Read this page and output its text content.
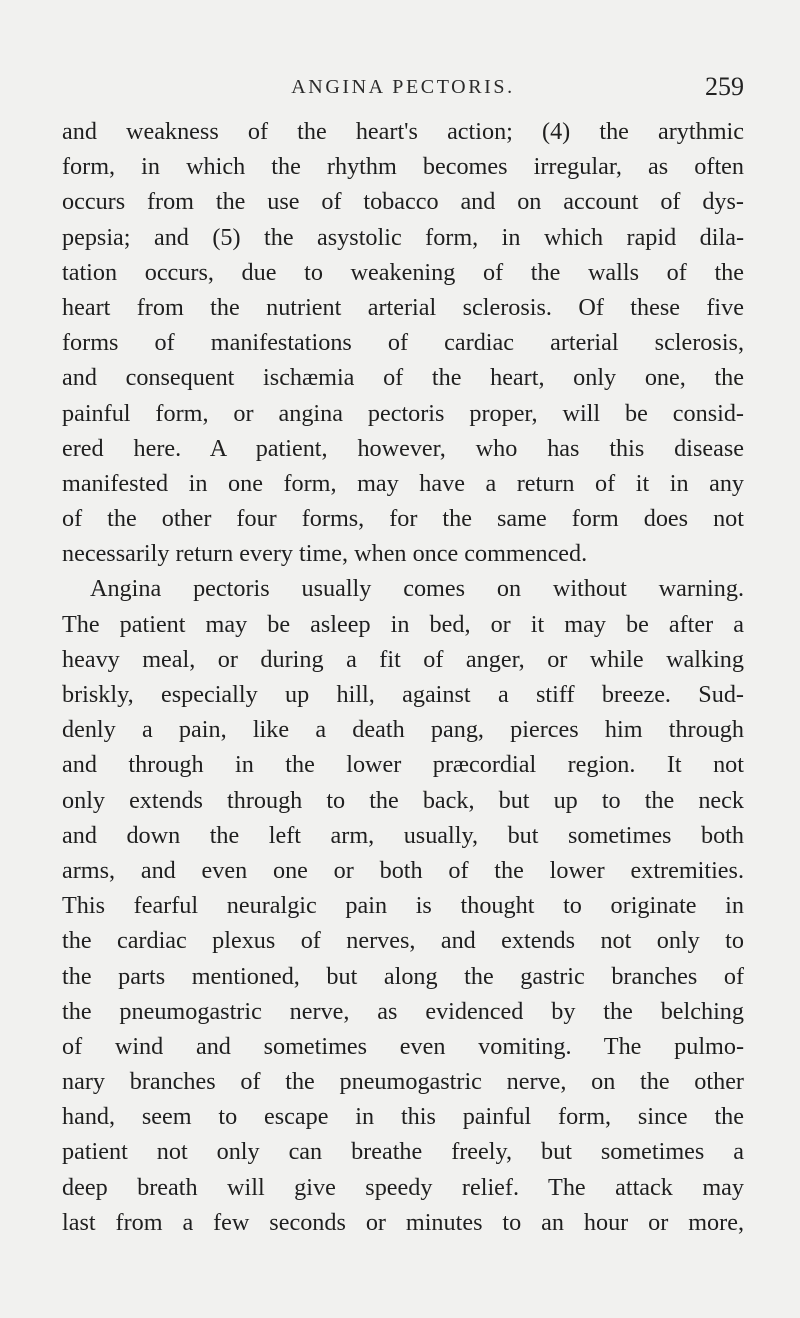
ANGINA PECTORIS.	259
and weakness of the heart's action; (4) the arythmic
form, in which the rhythm becomes irregular, as often
occurs from the use of tobacco and on account of dys-
pepsia; and (5) the asystolic form, in which rapid dila-
tation occurs, due to weakening of the walls of the
heart from the nutrient arterial sclerosis. Of these five
forms of manifestations of cardiac arterial sclerosis,
and consequent ischæmia of the heart, only one, the
painful form, or angina pectoris proper, will be consid-
ered here. A patient, however, who has this disease
manifested in one form, may have a return of it in any
of the other four forms, for the same form does not
necessarily return every time, when once commenced.
Angina pectoris usually comes on without warning.
The patient may be asleep in bed, or it may be after a
heavy meal, or during a fit of anger, or while walking
briskly, especially up hill, against a stiff breeze. Sud-
denly a pain, like a death pang, pierces him through
and through in the lower præcordial region. It not
only extends through to the back, but up to the neck
and down the left arm, usually, but sometimes both
arms, and even one or both of the lower extremities.
This fearful neuralgic pain is thought to originate in
the cardiac plexus of nerves, and extends not only to
the parts mentioned, but along the gastric branches of
the pneumogastric nerve, as evidenced by the belching
of wind and sometimes even vomiting. The pulmo-
nary branches of the pneumogastric nerve, on the other
hand, seem to escape in this painful form, since the
patient not only can breathe freely, but sometimes a
deep breath will give speedy relief. The attack may
last from a few seconds or minutes to an hour or more,
